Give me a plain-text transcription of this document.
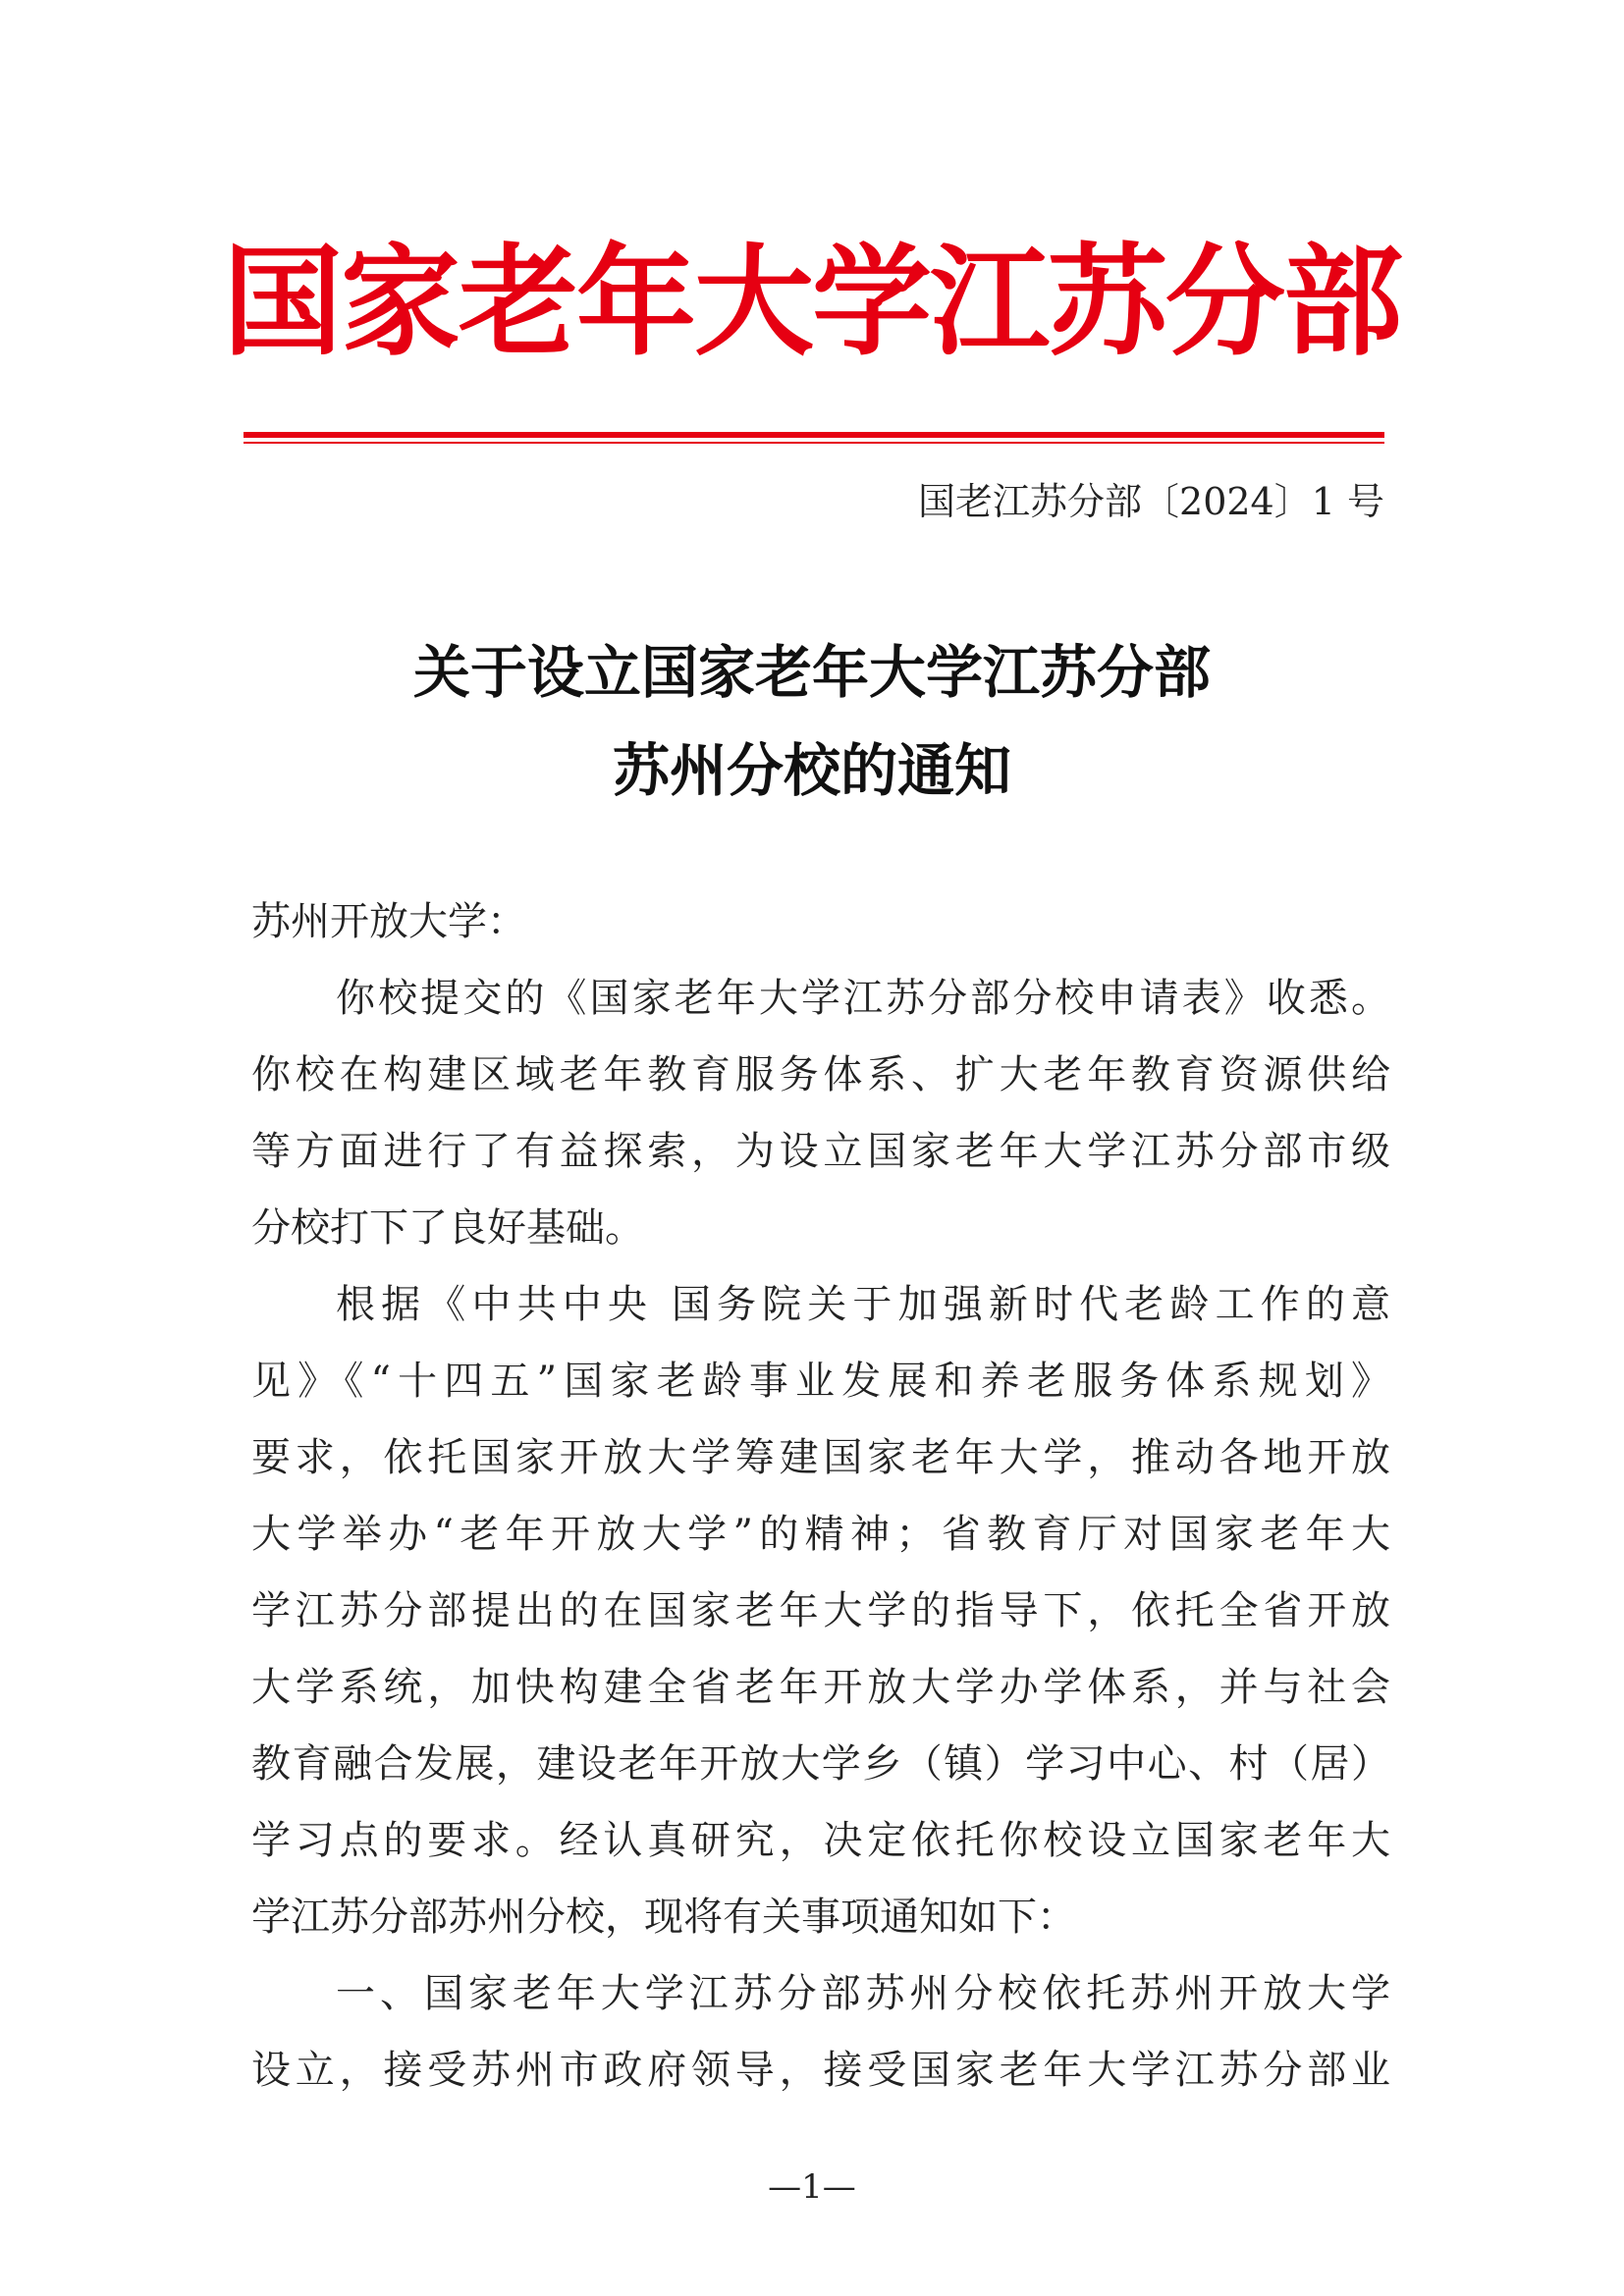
国家老年大学江苏分部
国老江苏分部〔2024〕1 号
关于设立国家老年大学江苏分部
苏州分校的通知
苏州开放大学：
你校提交的《国家老年大学江苏分部分校申请表》收悉。
你校在构建区域老年教育服务体系、扩大老年教育资源供给
等方面进行了有益探索，为设立国家老年大学江苏分部市级
分校打下了良好基础。
根据《中共中央 国务院关于加强新时代老龄工作的意
见》《“十四五”国家老龄事业发展和养老服务体系规划》
要求，依托国家开放大学筹建国家老年大学，推动各地开放
大学举办“老年开放大学”的精神；省教育厅对国家老年大
学江苏分部提出的在国家老年大学的指导下，依托全省开放
大学系统，加快构建全省老年开放大学办学体系，并与社会
教育融合发展，建设老年开放大学乡（镇）学习中心、村（居）
学习点的要求。经认真研究，决定依托你校设立国家老年大
学江苏分部苏州分校，现将有关事项通知如下：
一、国家老年大学江苏分部苏州分校依托苏州开放大学
设立，接受苏州市政府领导，接受国家老年大学江苏分部业
—1—
